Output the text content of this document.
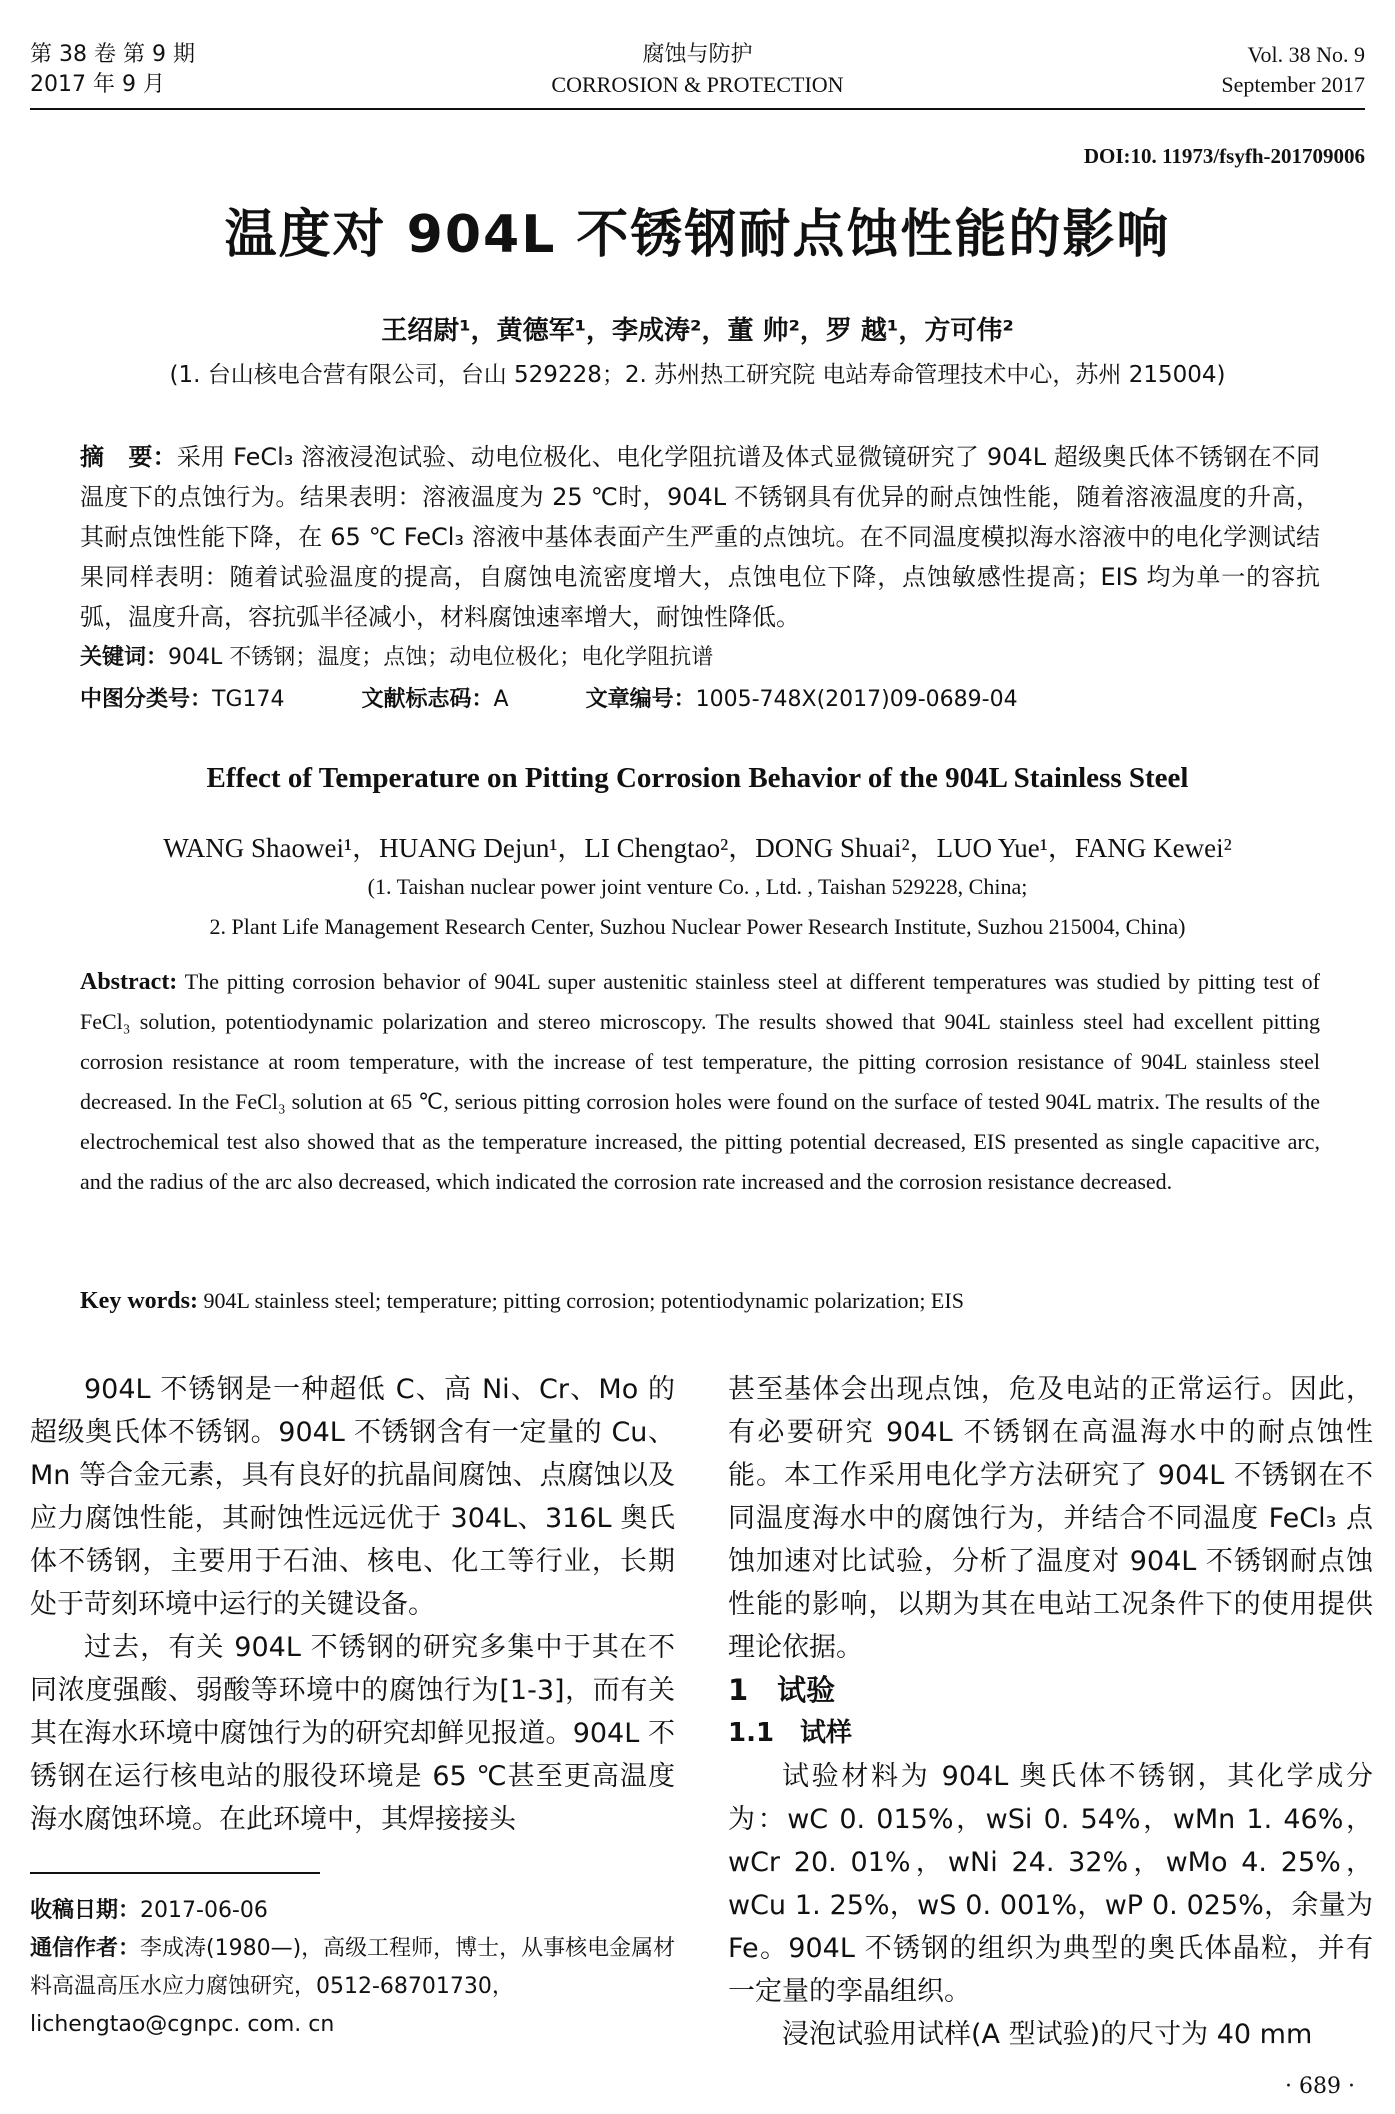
第 38 卷 第 9 期
2017 年 9 月
腐蚀与防护
CORROSION & PROTECTION
Vol. 38 No. 9
September 2017
DOI:10. 11973/fsyfh-201709006
温度对 904L 不锈钢耐点蚀性能的影响
王绍尉¹，黄德军¹，李成涛²，董 帅²，罗 越¹，方可伟²
(1. 台山核电合营有限公司，台山 529228；2. 苏州热工研究院 电站寿命管理技术中心，苏州 215004)
摘　要：采用 FeCl₃ 溶液浸泡试验、动电位极化、电化学阻抗谱及体式显微镜研究了 904L 超级奥氏体不锈钢在不同温度下的点蚀行为。结果表明：溶液温度为 25 ℃时，904L 不锈钢具有优异的耐点蚀性能，随着溶液温度的升高，其耐点蚀性能下降，在 65 ℃ FeCl₃ 溶液中基体表面产生严重的点蚀坑。在不同温度模拟海水溶液中的电化学测试结果同样表明：随着试验温度的提高，自腐蚀电流密度增大，点蚀电位下降，点蚀敏感性提高；EIS 均为单一的容抗弧，温度升高，容抗弧半径减小，材料腐蚀速率增大，耐蚀性降低。
关键词：904L 不锈钢；温度；点蚀；动电位极化；电化学阻抗谱
中图分类号：TG174	文献标志码：A	文章编号：1005-748X(2017)09-0689-04
Effect of Temperature on Pitting Corrosion Behavior of the 904L Stainless Steel
WANG Shaowei¹，HUANG Dejun¹，LI Chengtao²，DONG Shuai²，LUO Yue¹，FANG Kewei²
(1. Taishan nuclear power joint venture Co. , Ltd. , Taishan 529228, China;
2. Plant Life Management Research Center, Suzhou Nuclear Power Research Institute, Suzhou 215004, China)
Abstract: The pitting corrosion behavior of 904L super austenitic stainless steel at different temperatures was studied by pitting test of FeCl₃ solution, potentiodynamic polarization and stereo microscopy. The results showed that 904L stainless steel had excellent pitting corrosion resistance at room temperature, with the increase of test temperature, the pitting corrosion resistance of 904L stainless steel decreased. In the FeCl₃ solution at 65 ℃, serious pitting corrosion holes were found on the surface of tested 904L matrix. The results of the electrochemical test also showed that as the temperature increased, the pitting potential decreased, EIS presented as single capacitive arc, and the radius of the arc also decreased, which indicated the corrosion rate increased and the corrosion resistance decreased.
Key words: 904L stainless steel; temperature; pitting corrosion; potentiodynamic polarization; EIS

904L 不锈钢是一种超低 C、高 Ni、Cr、Mo 的超级奥氏体不锈钢。904L 不锈钢含有一定量的 Cu、Mn 等合金元素，具有良好的抗晶间腐蚀、点腐蚀以及应力腐蚀性能，其耐蚀性远远优于 304L、316L 奥氏体不锈钢，主要用于石油、核电、化工等行业，长期处于苛刻环境中运行的关键设备。

过去，有关 904L 不锈钢的研究多集中于其在不同浓度强酸、弱酸等环境中的腐蚀行为[1-3]，而有关其在海水环境中腐蚀行为的研究却鲜见报道。904L 不锈钢在运行核电站的服役环境是 65 ℃甚至更高温度海水腐蚀环境。在此环境中，其焊接接头

甚至基体会出现点蚀，危及电站的正常运行。因此，有必要研究 904L 不锈钢在高温海水中的耐点蚀性能。本工作采用电化学方法研究了 904L 不锈钢在不同温度海水中的腐蚀行为，并结合不同温度 FeCl₃ 点蚀加速对比试验，分析了温度对 904L 不锈钢耐点蚀性能的影响，以期为其在电站工况条件下的使用提供理论依据。

1　试验

1.1　试样

试验材料为 904L 奥氏体不锈钢，其化学成分为：wC 0. 015%，wSi 0. 54%，wMn 1. 46%，wCr 20. 01%，wNi 24. 32%，wMo 4. 25%，wCu 1. 25%，wS 0. 001%，wP 0. 025%，余量为 Fe。904L 不锈钢的组织为典型的奥氏体晶粒，并有一定量的孪晶组织。

浸泡试验用试样(A 型试验)的尺寸为 40 mm

收稿日期：2017-06-06

通信作者：李成涛(1980—)，高级工程师，博士，从事核电金属材料高温高压水应力腐蚀研究，0512-68701730，lichengtao@cgnpc. com. cn

· 689 ·
